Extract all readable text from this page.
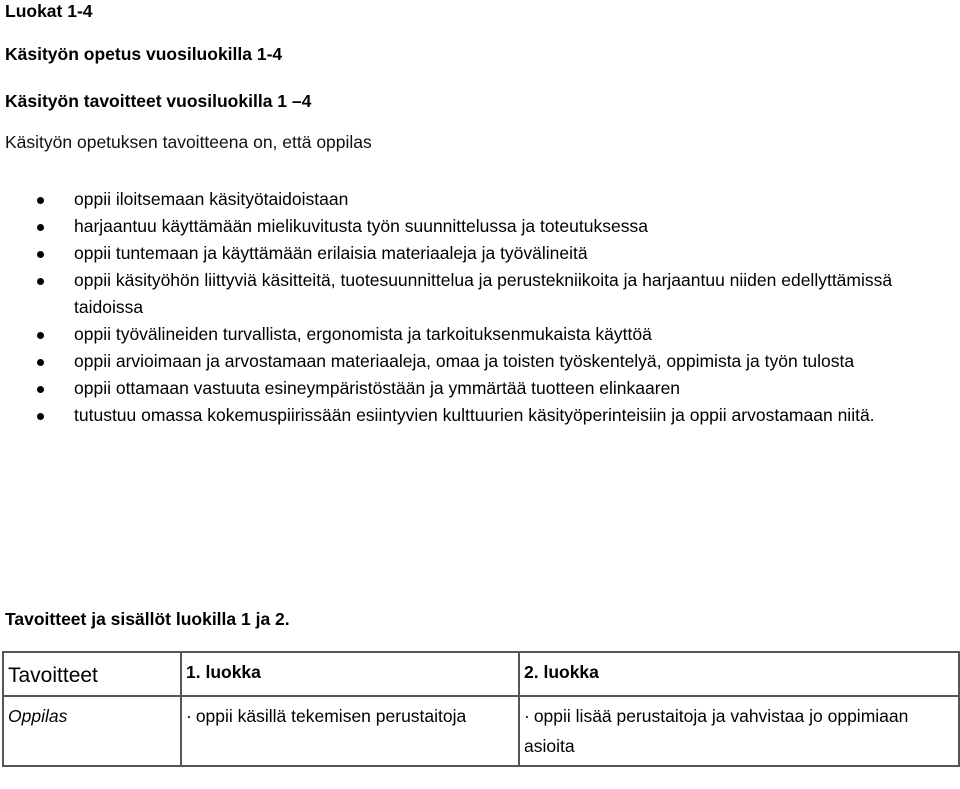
Luokat 1-4
Käsityön opetus vuosiluokilla 1-4
Käsityön tavoitteet vuosiluokilla 1 –4
Käsityön opetuksen tavoitteena on, että oppilas
oppii iloitsemaan käsityötaidoistaan
harjaantuu käyttämään mielikuvitusta työn suunnittelussa ja toteutuksessa
oppii tuntemaan ja käyttämään erilaisia materiaaleja ja työvälineitä
oppii käsityöhön liittyviä käsitteitä, tuotesuunnittelua ja perustekniikoita ja harjaantuu niiden edellyttämissä taidoissa
oppii työvälineiden turvallista, ergonomista ja tarkoituksenmukaista käyttöä
oppii arvioimaan ja arvostamaan materiaaleja, omaa ja toisten työskentelyä, oppimista ja työn tulosta
oppii ottamaan vastuuta esineympäristöstään ja ymmärtää tuotteen elinkaaren
tutustuu omassa kokemuspiirissään esiintyvien kulttuurien käsityöperinteisiin ja oppii arvostamaan niitä.
Tavoitteet ja sisällöt luokilla 1 ja 2.
Tavoitteet	1. luokka	2. luokka
Oppilas	· oppii käsillä tekemisen perustaitoja	· oppii lisää perustaitoja ja vahvistaa jo oppimiaan asioita
